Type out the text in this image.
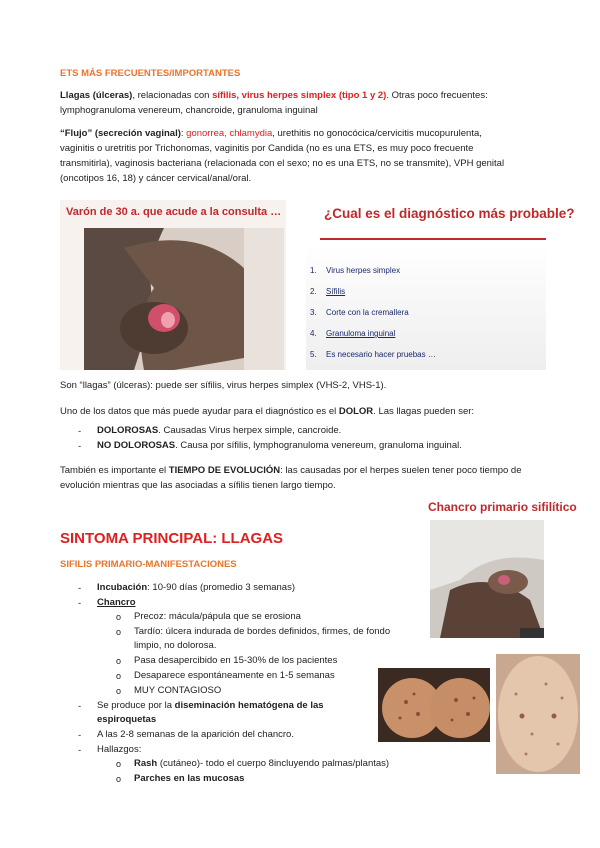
ETS MÁS FRECUENTES/IMPORTANTES
Llagas (úlceras), relacionadas con sífilis, virus herpes simplex (tipo 1 y 2). Otras poco frecuentes:
lymphogranuloma venereum, chancroide, granuloma inguinal
“Flujo” (secreción vaginal): gonorrea, chlamydia, urethitis no gonocócica/cervicitis mucopurulenta,
vaginitis o uretritis por Trichonomas, vaginitis por Candida (no es una ETS, es muy poco frecuente
transmitirla), vaginosis bacteriana (relacionada con el sexo; no es una ETS, no se transmite), VPH genital
(oncotipos 16, 18) y cáncer cervical/anal/oral.
Varón de 30 a. que acude a la consulta …	¿Cual es el diagnóstico más probable?
1. Virus herpes simplex
2. Sífilis
3. Corte con la cremallera
4. Granuloma inguinal
5. Es necesario hacer pruebas …
Son “llagas” (úlceras): puede ser sífilis, virus herpes simplex (VHS-2, VHS-1).
Uno de los datos que más puede ayudar para el diagnóstico es el DOLOR. Las llagas pueden ser:
- DOLOROSAS. Causadas Virus herpex simple, cancroide.
- NO DOLOROSAS. Causa por sífilis, lymphogranuloma venereum, granuloma inguinal.
También es importante el TIEMPO DE EVOLUCIÓN: las causadas por el herpes suelen tener poco tiempo de
evolución mientras que las asociadas a sífilis tienen largo tiempo.
SINTOMA PRINCIPAL: LLAGAS
SIFILIS PRIMARIO-MANIFESTACIONES
Chancro primario sifilítico
- Incubación: 10-90 días (promedio 3 semanas)
- Chancro
o Precoz: mácula/pápula que se erosiona
o Tardío: úlcera indurada de bordes definidos, firmes, de fondo
limpio, no dolorosa.
o Pasa desapercibido en 15-30% de los pacientes
o Desaparece espontáneamente en 1-5 semanas
o MUY CONTAGIOSO
- Se produce por la diseminación hematógena de las
espiroquetas
- A las 2-8 semanas de la aparición del chancro.
- Hallazgos:
o Rash (cutáneo)- todo el cuerpo 8incluyendo palmas/plantas)
o Parches en las mucosas
